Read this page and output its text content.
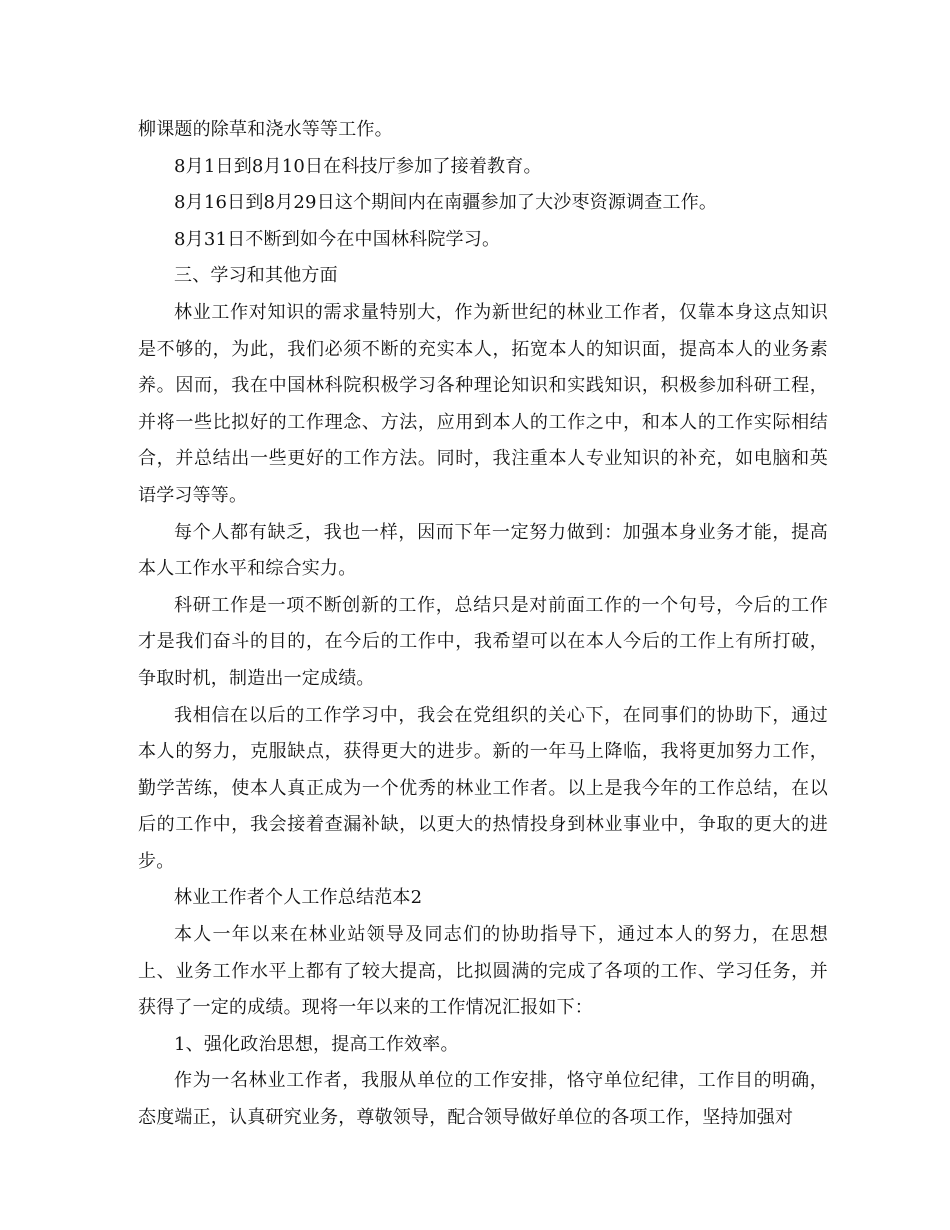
柳课题的除草和浇水等等工作。

8月1日到8月10日在科技厅参加了接着教育。

8月16日到8月29日这个期间内在南疆参加了大沙枣资源调查工作。

8月31日不断到如今在中国林科院学习。

三、学习和其他方面

林业工作对知识的需求量特别大，作为新世纪的林业工作者，仅靠本身这点知识是不够的，为此，我们必须不断的充实本人，拓宽本人的知识面，提高本人的业务素养。因而，我在中国林科院积极学习各种理论知识和实践知识，积极参加科研工程，并将一些比拟好的工作理念、方法，应用到本人的工作之中，和本人的工作实际相结合，并总结出一些更好的工作方法。同时，我注重本人专业知识的补充，如电脑和英语学习等等。

每个人都有缺乏，我也一样，因而下年一定努力做到：加强本身业务才能，提高本人工作水平和综合实力。

科研工作是一项不断创新的工作，总结只是对前面工作的一个句号，今后的工作才是我们奋斗的目的，在今后的工作中，我希望可以在本人今后的工作上有所打破，争取时机，制造出一定成绩。

我相信在以后的工作学习中，我会在党组织的关心下，在同事们的协助下，通过本人的努力，克服缺点，获得更大的进步。新的一年马上降临，我将更加努力工作，勤学苦练，使本人真正成为一个优秀的林业工作者。以上是我今年的工作总结，在以后的工作中，我会接着查漏补缺，以更大的热情投身到林业事业中，争取的更大的进步。

林业工作者个人工作总结范本2

本人一年以来在林业站领导及同志们的协助指导下，通过本人的努力，在思想上、业务工作水平上都有了较大提高，比拟圆满的完成了各项的工作、学习任务，并获得了一定的成绩。现将一年以来的工作情况汇报如下：

1、强化政治思想，提高工作效率。

作为一名林业工作者，我服从单位的工作安排，恪守单位纪律，工作目的明确，态度端正，认真研究业务，尊敬领导，配合领导做好单位的各项工作，坚持加强对
